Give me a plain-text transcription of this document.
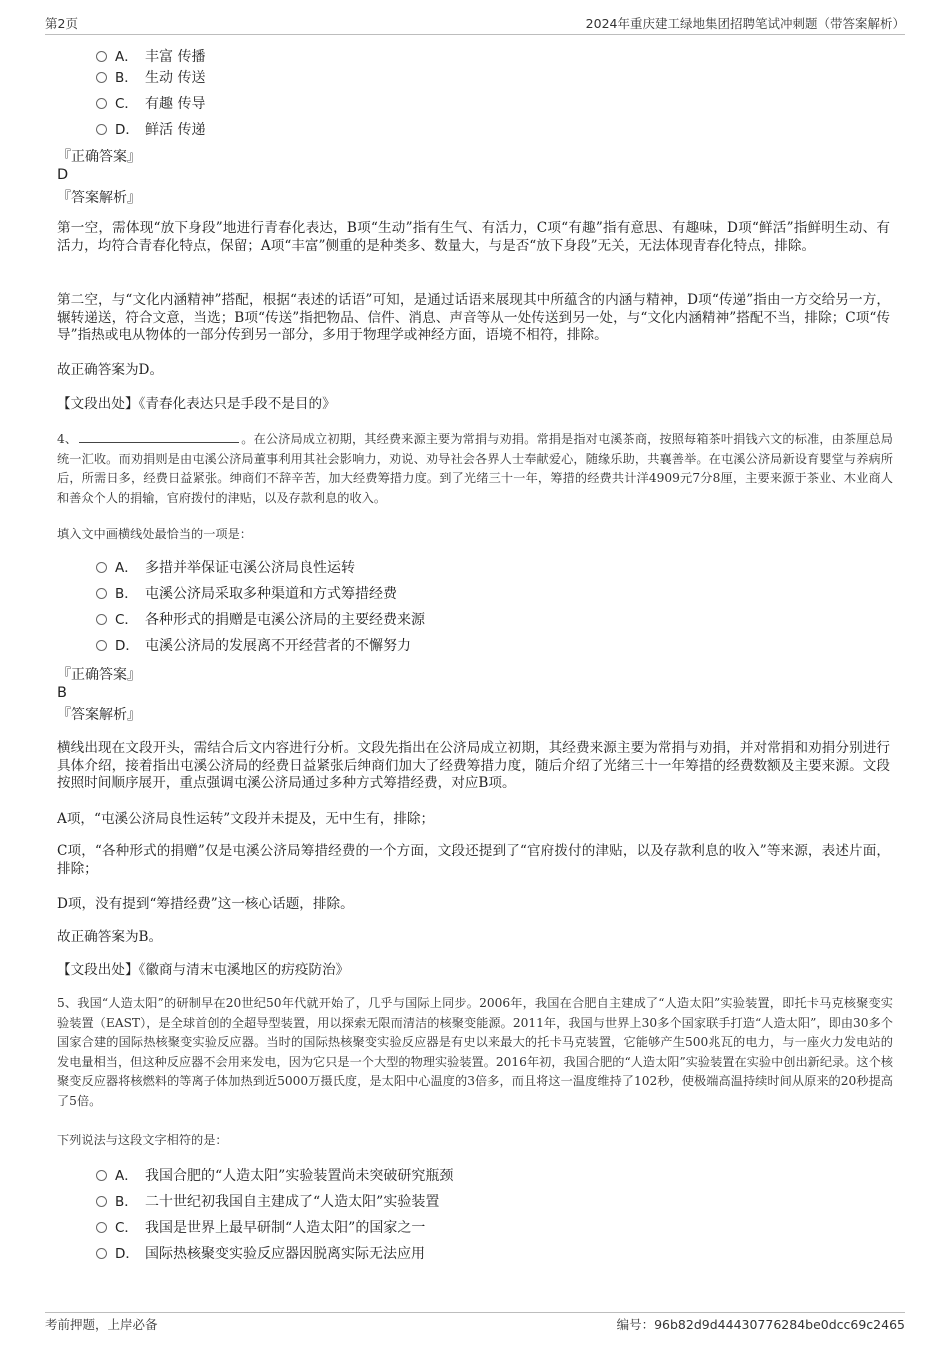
第2页	2024年重庆建工绿地集团招聘笔试冲刺题（带答案解析）
A． 丰富 传播
B． 生动 传送
C． 有趣 传导
D． 鲜活 传递
『正确答案』
D
『答案解析』
第一空，需体现“放下身段”地进行青春化表达，B项“生动”指有生气、有活力，C项“有趣”指有意思、有趣味，D项“鲜活”指鲜明生动、有活力，均符合青春化特点，保留；A项“丰富”侧重的是种类多、数量大，与是否“放下身段”无关，无法体现青春化特点，排除。
第二空，与“文化内涵精神”搭配，根据“表述的话语”可知，是通过话语来展现其中所蕴含的内涵与精神，D项“传递”指由一方交给另一方，辗转递送，符合文意，当选；B项“传送”指把物品、信件、消息、声音等从一处传送到另一处，与“文化内涵精神”搭配不当，排除；C项“传导”指热或电从物体的一部分传到另一部分，多用于物理学或神经方面，语境不相符，排除。
故正确答案为D。
【文段出处】《青春化表达只是手段不是目的》
4、	。在公济局成立初期，其经费来源主要为常捐与劝捐。常捐是指对屯溪茶商，按照每箱茶叶捐钱六文的标准，由茶厘总局统一汇收。而劝捐则是由屯溪公济局董事利用其社会影响力，劝说、劝导社会各界人士奉献爱心，随缘乐助，共襄善举。在屯溪公济局新设育婴堂与养病所后，所需日多，经费日益紧张。绅商们不辞辛苦，加大经费筹措力度。到了光绪三十一年，筹措的经费共计洋4909元7分8厘，主要来源于茶业、木业商人和善众个人的捐输，官府拨付的津贴，以及存款利息的收入。
填入文中画横线处最恰当的一项是：
A． 多措并举保证屯溪公济局良性运转
B． 屯溪公济局采取多种渠道和方式筹措经费
C． 各种形式的捐赠是屯溪公济局的主要经费来源
D． 屯溪公济局的发展离不开经营者的不懈努力
『正确答案』
B
『答案解析』
横线出现在文段开头，需结合后文内容进行分析。文段先指出在公济局成立初期，其经费来源主要为常捐与劝捐，并对常捐和劝捐分别进行具体介绍，接着指出屯溪公济局的经费日益紧张后绅商们加大了经费筹措力度，随后介绍了光绪三十一年筹措的经费数额及主要来源。文段按照时间顺序展开，重点强调屯溪公济局通过多种方式筹措经费，对应B项。
A项，“屯溪公济局良性运转”文段并未提及，无中生有，排除；
C项，“各种形式的捐赠”仅是屯溪公济局筹措经费的一个方面，文段还提到了“官府拨付的津贴，以及存款利息的收入”等来源，表述片面，排除；
D项，没有提到“筹措经费”这一核心话题，排除。
故正确答案为B。
【文段出处】《徽商与清末屯溪地区的疠疫防治》
5、我国“人造太阳”的研制早在20世纪50年代就开始了，几乎与国际上同步。2006年，我国在合肥自主建成了“人造太阳”实验装置，即托卡马克核聚变实验装置（EAST），是全球首创的全超导型装置，用以探索无限而清洁的核聚变能源。2011年，我国与世界上30多个国家联手打造“人造太阳”，即由30多个国家合建的国际热核聚变实验反应器。当时的国际热核聚变实验反应器是有史以来最大的托卡马克装置，它能够产生500兆瓦的电力，与一座火力发电站的发电量相当，但这种反应器不会用来发电，因为它只是一个大型的物理实验装置。2016年初，我国合肥的“人造太阳”实验装置在实验中创出新纪录。这个核聚变反应器将核燃料的等离子体加热到近5000万摄氏度，是太阳中心温度的3倍多，而且将这一温度维持了102秒，使极端高温持续时间从原来的20秒提高了5倍。
下列说法与这段文字相符的是：
A． 我国合肥的“人造太阳”实验装置尚未突破研究瓶颈
B． 二十世纪初我国自主建成了“人造太阳”实验装置
C． 我国是世界上最早研制“人造太阳”的国家之一
D． 国际热核聚变实验反应器因脱离实际无法应用
考前押题，上岸必备	编号：96b82d9d44430776284be0dcc69c2465
